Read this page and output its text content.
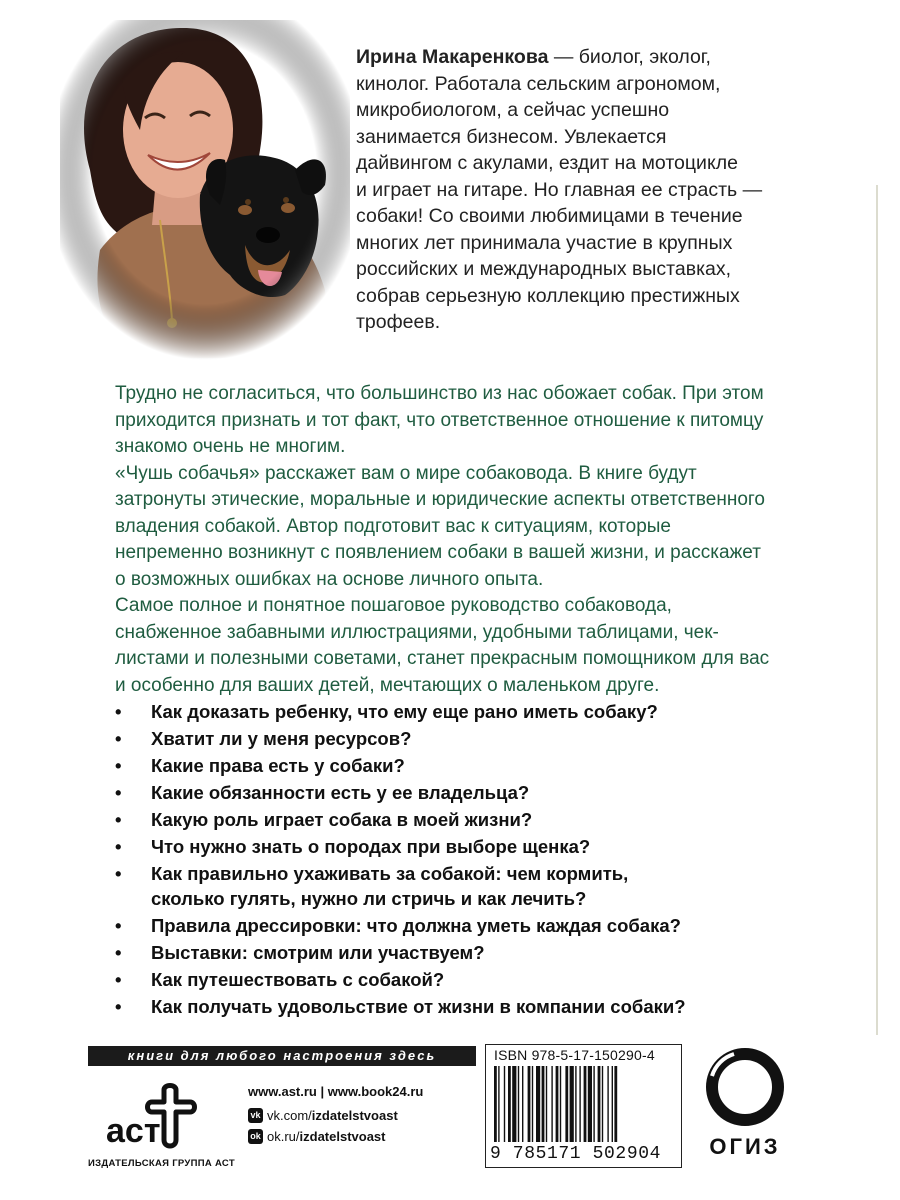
Ирина Макаренкова — биолог, эколог,
кинолог. Работала сельским агрономом,
микробиологом, а сейчас успешно
занимается бизнесом. Увлекается
дайвингом с акулами, ездит на мотоцикле
и играет на гитаре. Но главная ее страсть —
собаки! Со своими любимицами в течение
многих лет принимала участие в крупных
российских и международных выставках,
собрав серьезную коллекцию престижных
трофеев.
Трудно не согласиться, что большинство из нас обожает собак. При этом
приходится признать и тот факт, что ответственное отношение к питомцу
знакомо очень не многим.
«Чушь собачья» расскажет вам о мире собаковода. В книге будут
затронуты этические, моральные и юридические аспекты ответственного
владения собакой. Автор подготовит вас к ситуациям, которые
непременно возникнут с появлением собаки в вашей жизни, и расскажет
о возможных ошибках на основе личного опыта.
Самое полное и понятное пошаговое руководство собаковода,
снабженное забавными иллюстрациями, удобными таблицами, чек-
листами и полезными советами, станет прекрасным помощником для вас
и особенно для ваших детей, мечтающих о маленьком друге.
• Как доказать ребенку, что ему еще рано иметь собаку?
• Хватит ли у меня ресурсов?
• Какие права есть у собаки?
• Какие обязанности есть у ее владельца?
• Какую роль играет собака в моей жизни?
• Что нужно знать о породах при выборе щенка?
• Как правильно ухаживать за собакой: чем кормить,
сколько гулять, нужно ли стричь и как лечить?
• Правила дрессировки: что должна уметь каждая собака?
• Выставки: смотрим или участвуем?
• Как путешествовать с собакой?
• Как получать удовольствие от жизни в компании собаки?
книги для любого настроения здесь
аст
ИЗДАТЕЛЬСКАЯ ГРУППА АСТ
www.ast.ru | www.book24.ru
vk vk.com/ izdatelstvoast
ok ok.ru/ izdatelstvoast
ISBN 978-5-17-150290-4
9 785171 502904 ОГИЗ
